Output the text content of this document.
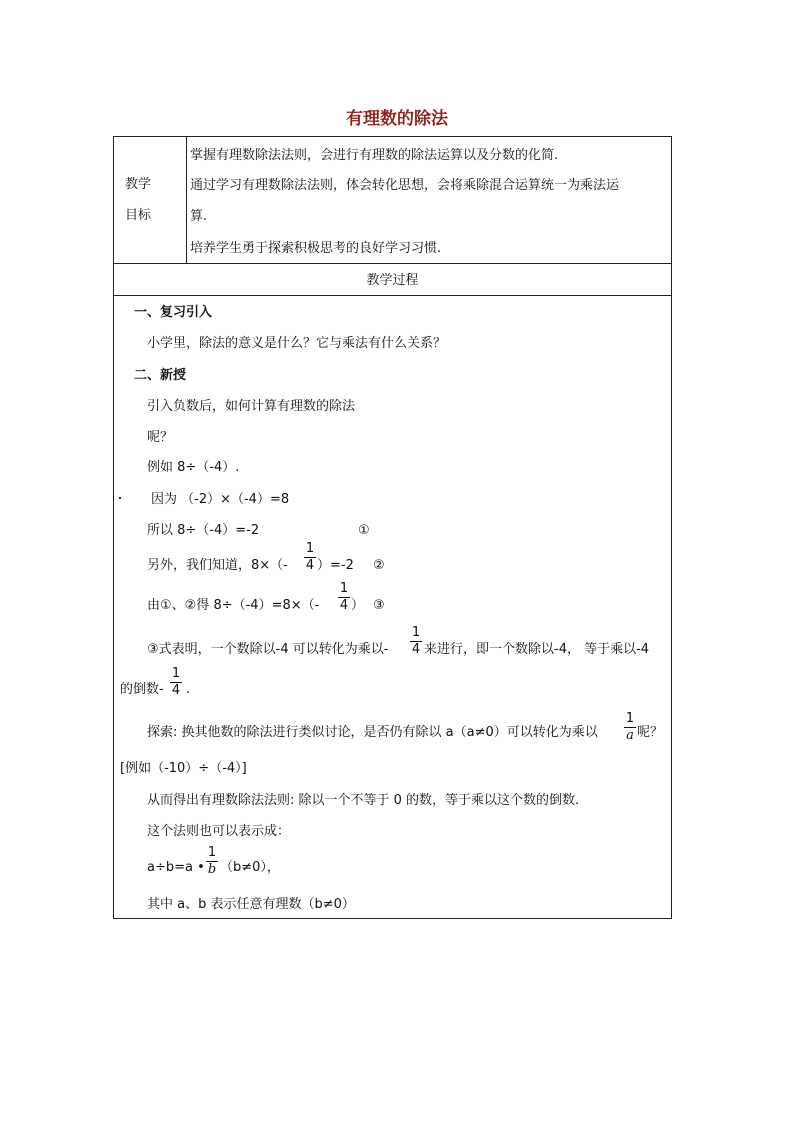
有理数的除法
教学
目标
掌握有理数除法法则，会进行有理数的除法运算以及分数的化简.
通过学习有理数除法法则，体会转化思想，会将乘除混合运算统一为乘法运
算.
培养学生勇于探索积极思考的良好学习习惯.
教学过程
一、复习引入
小学里，除法的意义是什么？它与乘法有什么关系？
二、新授
引入负数后，如何计算有理数的除法
呢？
例如 8÷（-4）.
因为 （-2）×（-4）=8
所以 8÷（-4）=-2	①
另外，我们知道，$8\times(- \frac{1}{4} )=-2$ ②
由①、②得 $8\div(-4)=8\times(- \frac{1}{4}$ ） ③
③式表明，一个数除以-4 可以转化为乘以- $\frac{1}{4}$ 来进行，即一个数除以-4， 等于乘以-4
的倒数- $\frac{1}{4}$ .
探索: 换其他数的除法进行类似讨论，是否仍有除以 a（a≠0）可以转化为乘以 $\frac{1}{a}$ 呢？
[例如（-10）÷（-4）]
从而得出有理数除法法则: 除以一个不等于 0 的数，等于乘以这个数的倒数.
这个法则也可以表示成：
a÷b=a • $\frac{1}{b} (b\ne 0)$，
其中 a、b 表示任意有理数（b≠0）
